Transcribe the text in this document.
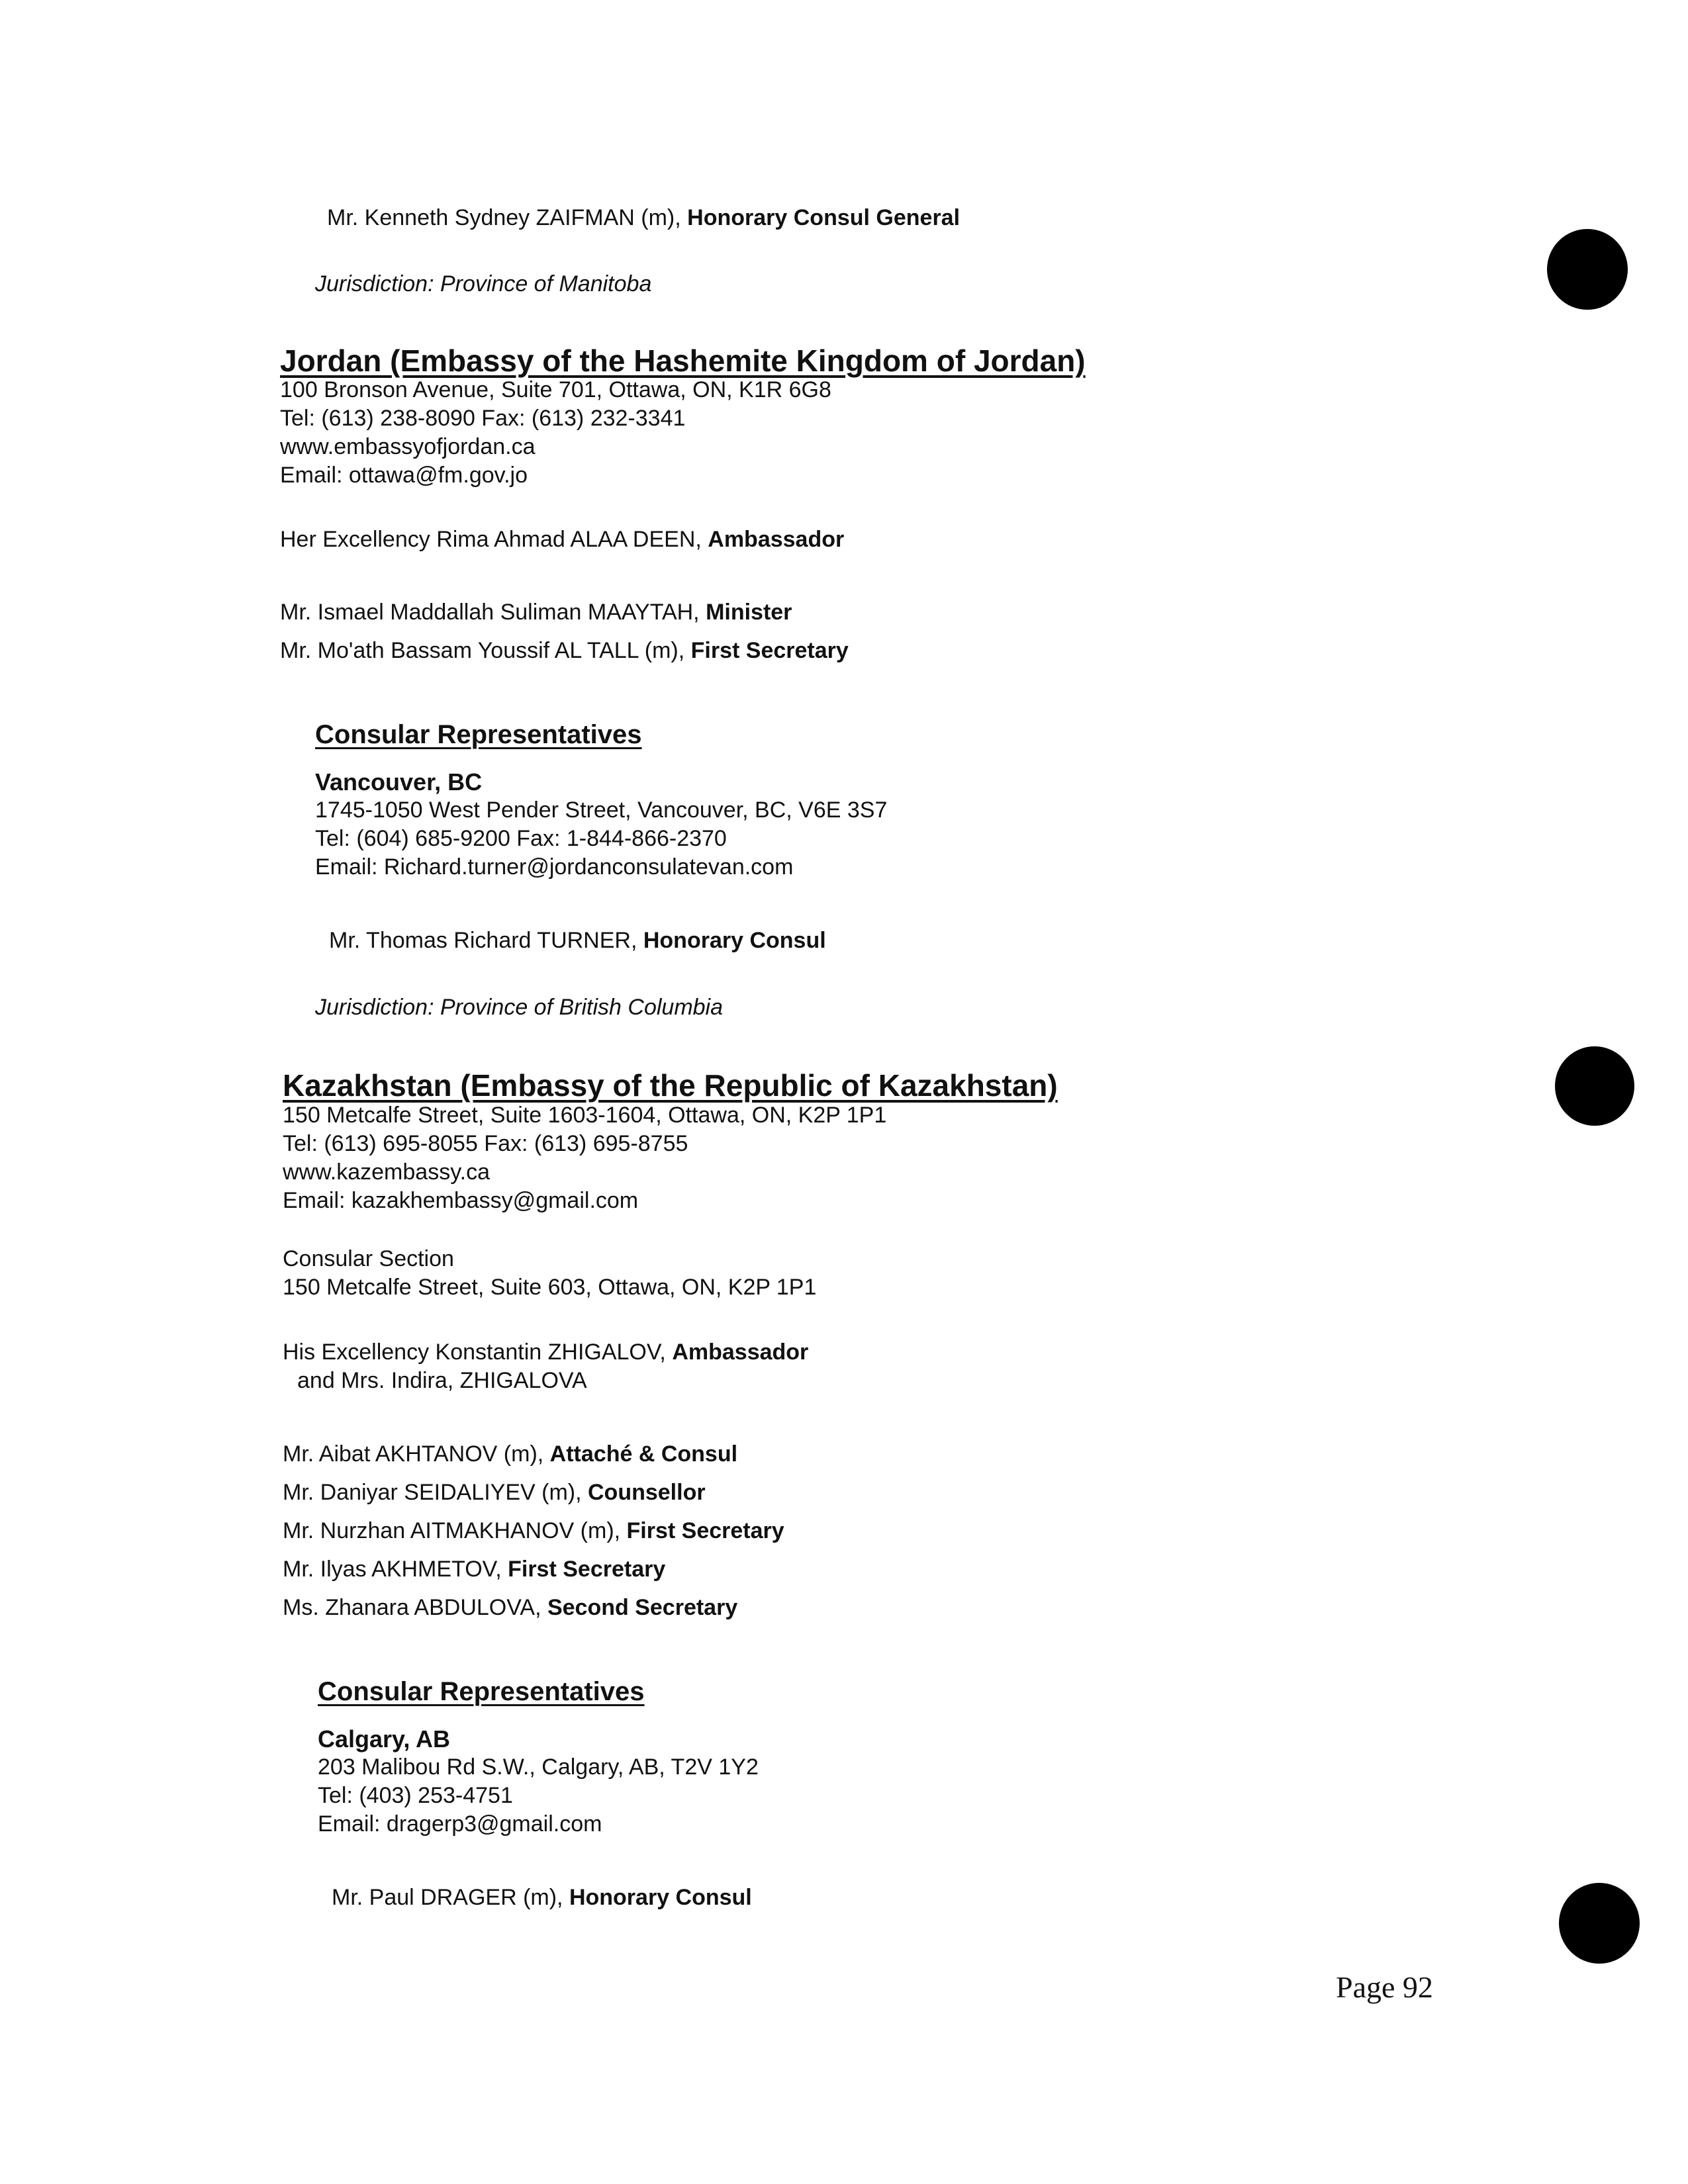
Mr. Kenneth Sydney ZAIFMAN (m), Honorary Consul General
Jurisdiction: Province of Manitoba
Jordan (Embassy of the Hashemite Kingdom of Jordan)
100 Bronson Avenue, Suite 701, Ottawa, ON, K1R 6G8
Tel: (613) 238-8090 Fax: (613) 232-3341
www.embassyofjordan.ca
Email: ottawa@fm.gov.jo
Her Excellency Rima Ahmad ALAA DEEN, Ambassador
Mr. Ismael Maddallah Suliman MAAYTAH, Minister
Mr. Mo'ath Bassam Youssif AL TALL (m), First Secretary
Consular Representatives
Vancouver, BC
1745-1050 West Pender Street, Vancouver, BC, V6E 3S7
Tel: (604) 685-9200 Fax: 1-844-866-2370
Email: Richard.turner@jordanconsulatevan.com
Mr. Thomas Richard TURNER, Honorary Consul
Jurisdiction: Province of British Columbia
Kazakhstan (Embassy of the Republic of Kazakhstan)
150 Metcalfe Street, Suite 1603-1604, Ottawa, ON, K2P 1P1
Tel: (613) 695-8055 Fax: (613) 695-8755
www.kazembassy.ca
Email: kazakhembassy@gmail.com
Consular Section
150 Metcalfe Street, Suite 603, Ottawa, ON, K2P 1P1
His Excellency Konstantin ZHIGALOV, Ambassador
and Mrs. Indira, ZHIGALOVA
Mr. Aibat AKHTANOV (m), Attaché & Consul
Mr. Daniyar SEIDALIYEV (m), Counsellor
Mr. Nurzhan AITMAKHANOV (m), First Secretary
Mr. Ilyas AKHMETOV, First Secretary
Ms. Zhanara ABDULOVA, Second Secretary
Consular Representatives
Calgary, AB
203 Malibou Rd S.W., Calgary, AB, T2V 1Y2
Tel: (403) 253-4751
Email: dragerp3@gmail.com
Mr. Paul DRAGER (m), Honorary Consul
Page 92
